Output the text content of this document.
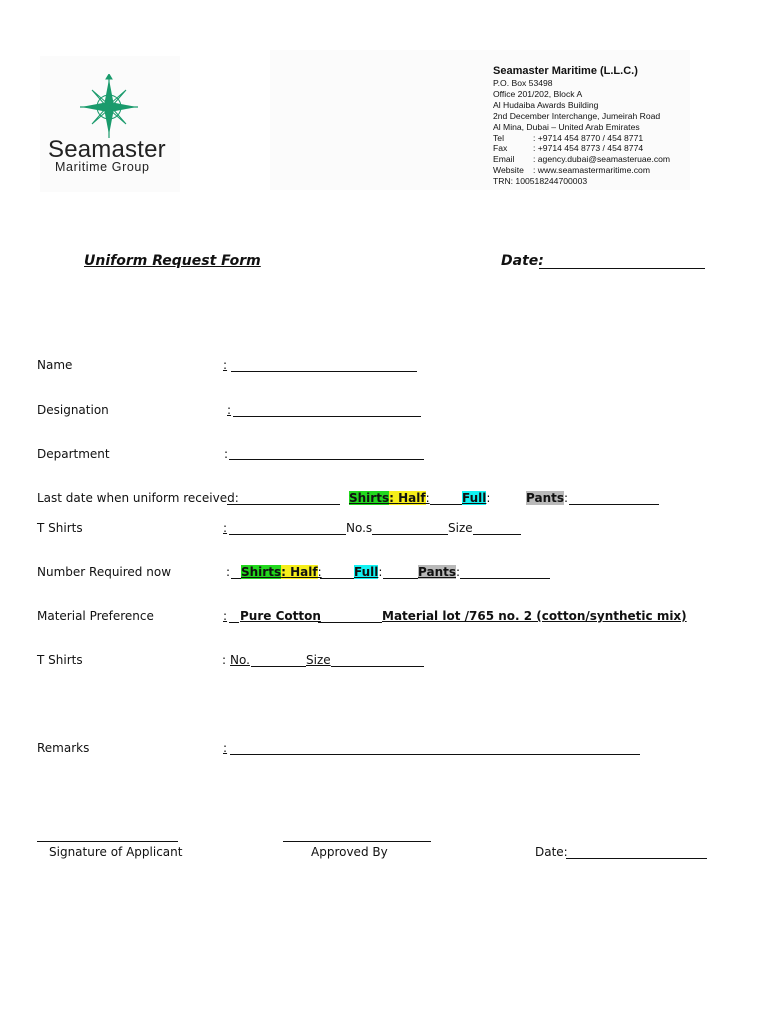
Seamaster
Maritime Group
Seamaster Maritime (L.L.C.)
P.O. Box 53498
Office 201/202, Block A
Al Hudaiba Awards Building
2nd December Interchange, Jumeirah Road
Al Mina, Dubai – United Arab Emirates
Tel	: +9714 454 8770 / 454 8771
Fax	: +9714 454 8773 / 454 8774
Email	: agency.dubai@seamasteruae.com
Website	: www.seamastermaritime.com
TRN: 100518244700003
Uniform Request Form	Date:
Name	:
Designation	:
Department	:
Last date when uniform received:	Shirts: Half:	Full:	Pants:
T Shirts	:	No.s	Size
Number Required now	: Shirts: Half:	Full:	Pants:
Material Preference	: Pure Cotton	Material lot /765 no. 2 (cotton/synthetic mix)
T Shirts	: No.	Size
Remarks	:
Signature of Applicant	Approved By	Date:
